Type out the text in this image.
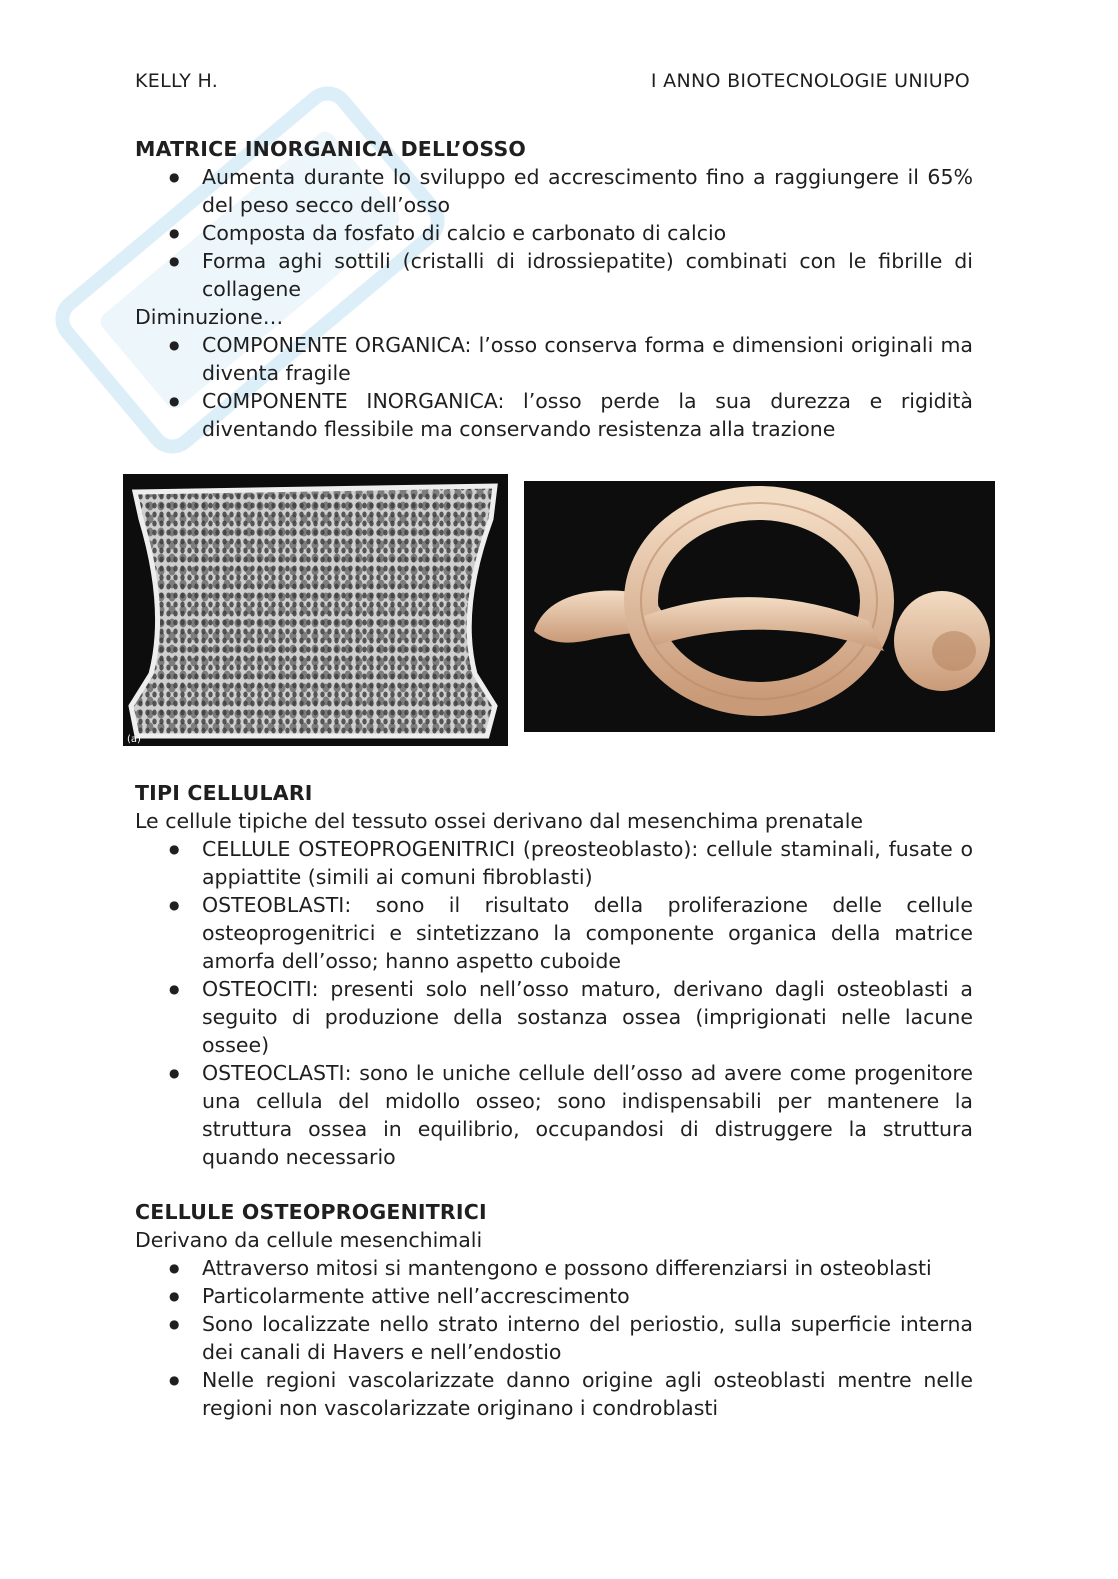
KELLY H.	I ANNO BIOTECNOLOGIE UNIUPO
MATRICE INORGANICA DELL’OSSO
● Aumenta durante lo sviluppo ed accrescimento fino a raggiungere il 65% del peso secco dell’osso
● Composta da fosfato di calcio e carbonato di calcio
● Forma aghi sottili (cristalli di idrossiepatite) combinati con le fibrille di collagene
Diminuzione…
● COMPONENTE ORGANICA: l’osso conserva forma e dimensioni originali ma diventa fragile
● COMPONENTE INORGANICA: l’osso perde la sua durezza e rigidità diventando flessibile ma conservando resistenza alla trazione
(a)
TIPI CELLULARI
Le cellule tipiche del tessuto ossei derivano dal mesenchima prenatale
● CELLULE OSTEOPROGENITRICI (preosteoblasto): cellule staminali, fusate o appiattite (simili ai comuni fibroblasti)
● OSTEOBLASTI: sono il risultato della proliferazione delle cellule osteoprogenitrici e sintetizzano la componente organica della matrice amorfa dell’osso; hanno aspetto cuboide
● OSTEOCITI: presenti solo nell’osso maturo, derivano dagli osteoblasti a seguito di produzione della sostanza ossea (imprigionati nelle lacune ossee)
● OSTEOCLASTI: sono le uniche cellule dell’osso ad avere come progenitore una cellula del midollo osseo; sono indispensabili per mantenere la struttura ossea in equilibrio, occupandosi di distruggere la struttura quando necessario
CELLULE OSTEOPROGENITRICI
Derivano da cellule mesenchimali
● Attraverso mitosi si mantengono e possono differenziarsi in osteoblasti
● Particolarmente attive nell’accrescimento
● Sono localizzate nello strato interno del periostio, sulla superficie interna dei canali di Havers e nell’endostio
● Nelle regioni vascolarizzate danno origine agli osteoblasti mentre nelle regioni non vascolarizzate originano i condroblasti
